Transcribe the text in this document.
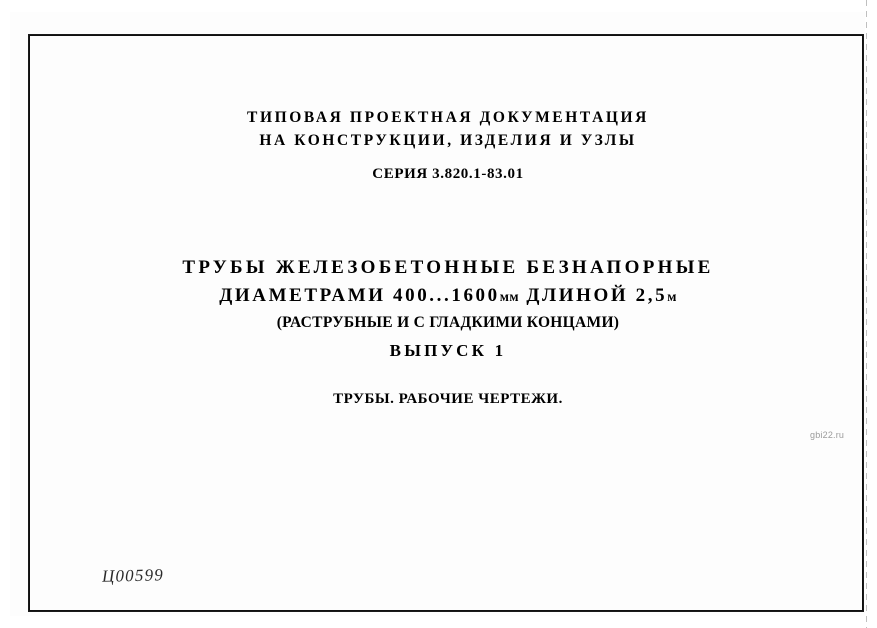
ТИПОВАЯ ПРОЕКТНАЯ ДОКУМЕНТАЦИЯ
НА КОНСТРУКЦИИ, ИЗДЕЛИЯ И УЗЛЫ
СЕРИЯ 3.820.1-83.01
ТРУБЫ ЖЕЛЕЗОБЕТОННЫЕ БЕЗНАПОРНЫЕ
ДИАМЕТРАМИ 400...1600мм ДЛИНОЙ 2,5м
(РАСТРУБНЫЕ И С ГЛАДКИМИ КОНЦАМИ)
ВЫПУСК 1
ТРУБЫ. РАБОЧИЕ ЧЕРТЕЖИ.
Ц00599
gbi22.ru
